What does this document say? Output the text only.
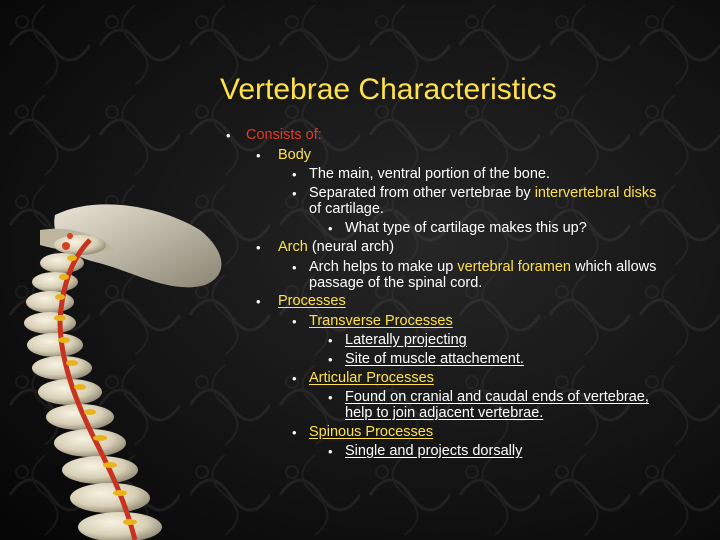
Vertebrae Characteristics
• Consists of:
• Body
• The main, ventral portion of the bone.
• Separated from other vertebrae by intervertebral disks
of cartilage.
• What type of cartilage makes this up?
• Arch (neural arch)
• Arch helps to make up vertebral foramen which allows
passage of the spinal cord.
• Processes
• Transverse Processes
• Laterally projecting
• Site of muscle attachement.
• Articular Processes
• Found on cranial and caudal ends of vertebrae,
help to join adjacent vertebrae.
• Spinous Processes
• Single and projects dorsally
